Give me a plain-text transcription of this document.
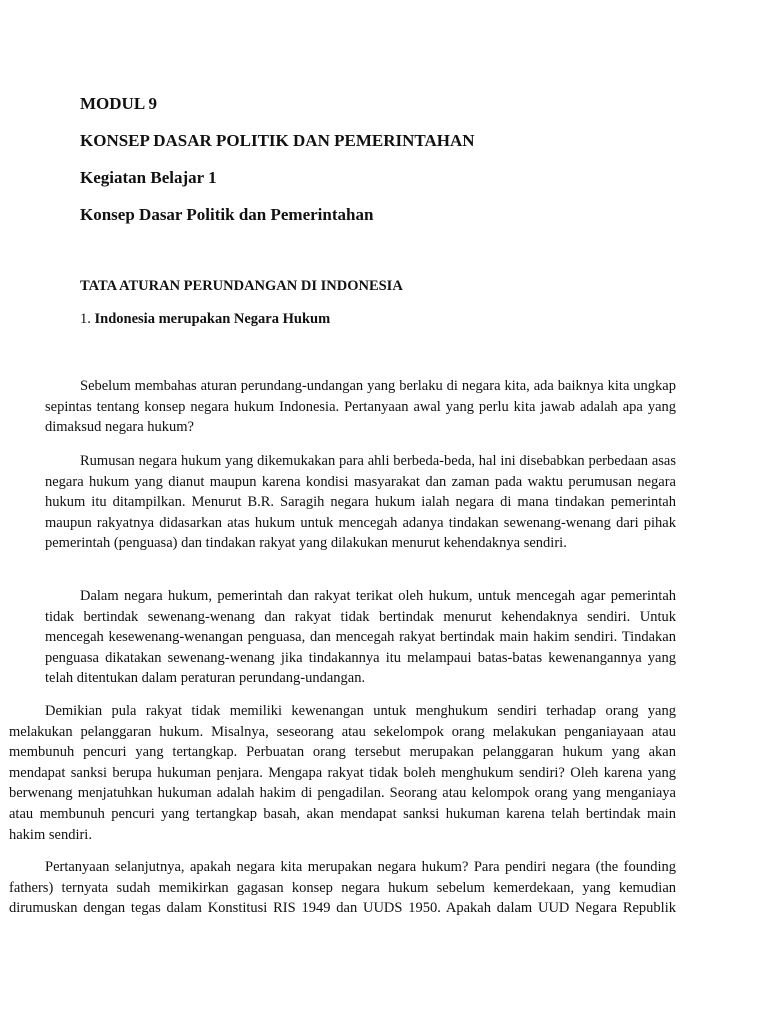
MODUL 9
KONSEP DASAR POLITIK DAN PEMERINTAHAN
Kegiatan Belajar 1
Konsep Dasar Politik dan Pemerintahan
TATA ATURAN PERUNDANGAN DI INDONESIA
1. Indonesia merupakan Negara Hukum

Sebelum membahas aturan perundang-undangan yang berlaku di negara kita, ada baiknya kita ungkap sepintas tentang konsep negara hukum Indonesia. Pertanyaan awal yang perlu kita jawab adalah apa yang dimaksud negara hukum?

Rumusan negara hukum yang dikemukakan para ahli berbeda-beda, hal ini disebabkan perbedaan asas negara hukum yang dianut maupun karena kondisi masyarakat dan zaman pada waktu perumusan negara hukum itu ditampilkan. Menurut B.R. Saragih negara hukum ialah negara di mana tindakan pemerintah maupun rakyatnya didasarkan atas hukum untuk mencegah adanya tindakan sewenang-wenang dari pihak pemerintah (penguasa) dan tindakan rakyat yang dilakukan menurut kehendaknya sendiri.

Dalam negara hukum, pemerintah dan rakyat terikat oleh hukum, untuk mencegah agar pemerintah tidak bertindak sewenang-wenang dan rakyat tidak bertindak menurut kehendaknya sendiri. Untuk mencegah kesewenang-wenangan penguasa, dan mencegah rakyat bertindak main hakim sendiri. Tindakan penguasa dikatakan sewenang-wenang jika tindakannya itu melampaui batas-batas kewenangannya yang telah ditentukan dalam peraturan perundang-undangan.

Demikian pula rakyat tidak memiliki kewenangan untuk menghukum sendiri terhadap orang yang melakukan pelanggaran hukum. Misalnya, seseorang atau sekelompok orang melakukan penganiayaan atau membunuh pencuri yang tertangkap. Perbuatan orang tersebut merupakan pelanggaran hukum yang akan mendapat sanksi berupa hukuman penjara. Mengapa rakyat tidak boleh menghukum sendiri? Oleh karena yang berwenang menjatuhkan hukuman adalah hakim di pengadilan. Seorang atau kelompok orang yang menganiaya atau membunuh pencuri yang tertangkap basah, akan mendapat sanksi hukuman karena telah bertindak main hakim sendiri.

Pertanyaan selanjutnya, apakah negara kita merupakan negara hukum? Para pendiri negara (the founding fathers) ternyata sudah memikirkan gagasan konsep negara hukum sebelum kemerdekaan, yang kemudian dirumuskan dengan tegas dalam Konstitusi RIS 1949 dan UUDS 1950. Apakah dalam UUD Negara Republik
